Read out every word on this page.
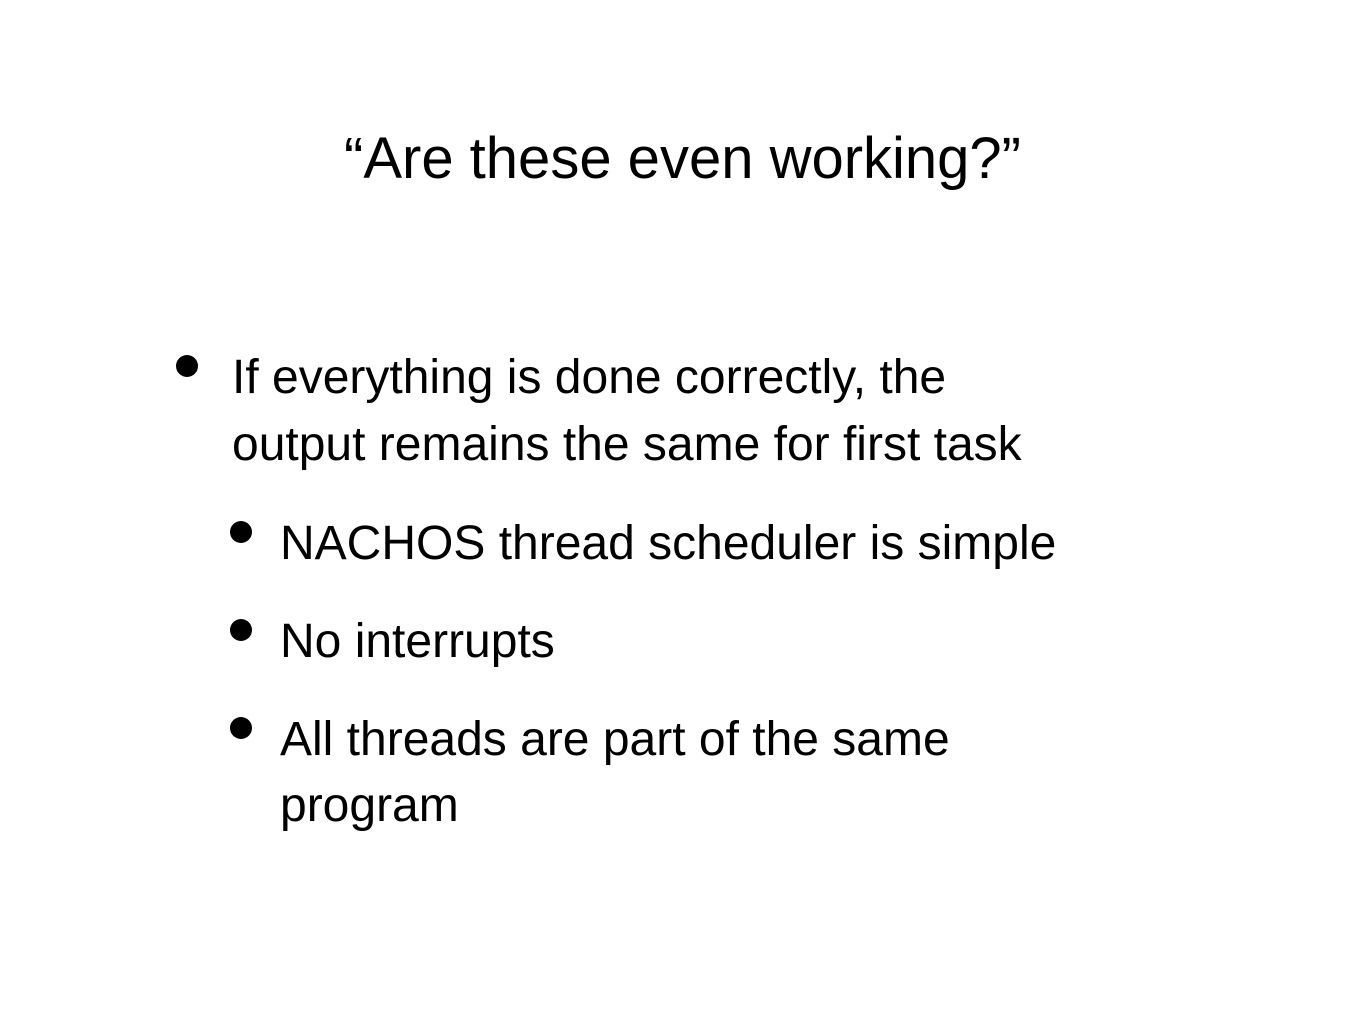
“Are these even working?”
If everything is done correctly, the
output remains the same for first task
NACHOS thread scheduler is simple
No interrupts
All threads are part of the same
program
